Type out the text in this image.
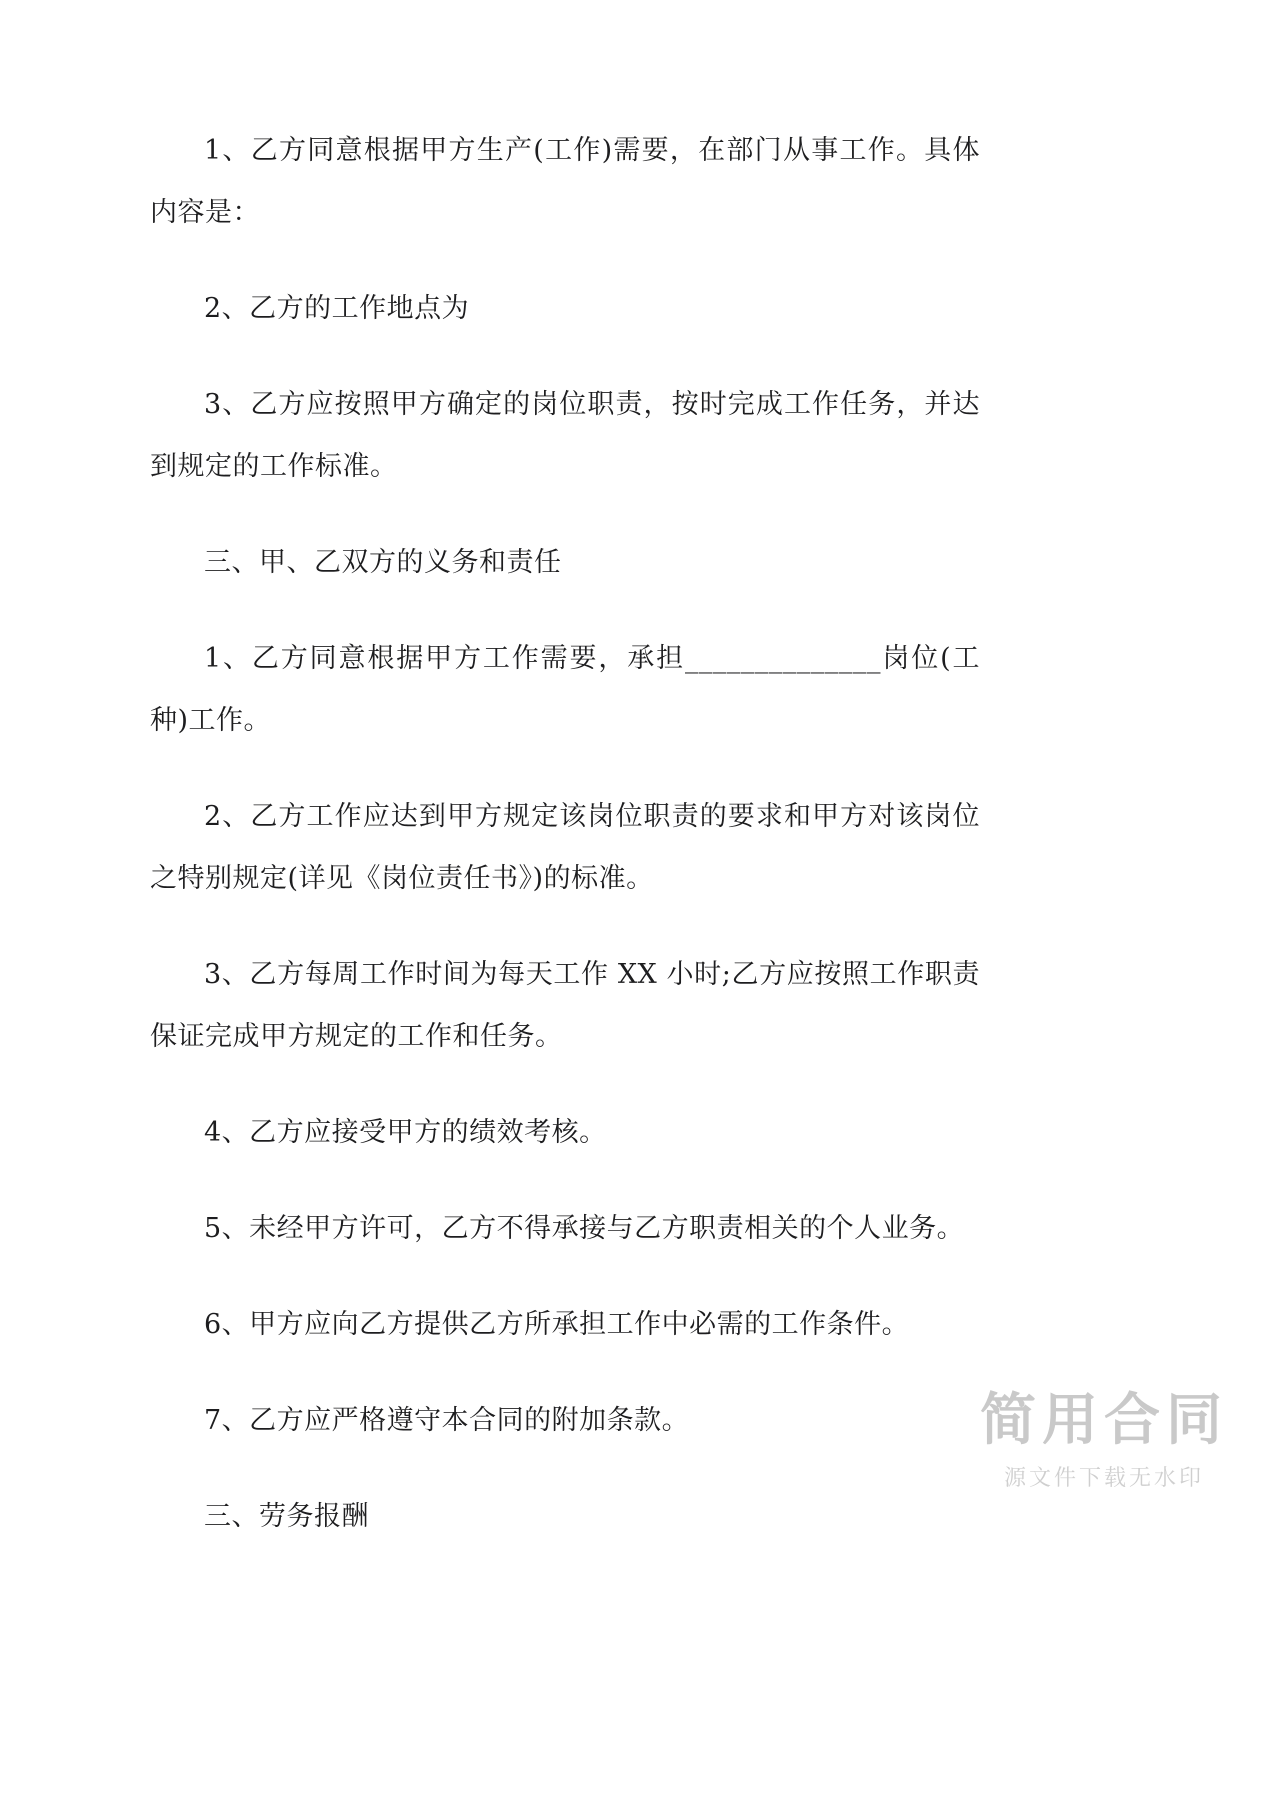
1、乙方同意根据甲方生产(工作)需要，在部门从事工作。具体内容是：

2、乙方的工作地点为

3、乙方应按照甲方确定的岗位职责，按时完成工作任务，并达到规定的工作标准。

三、甲、乙双方的义务和责任

1、乙方同意根据甲方工作需要，承担______________岗位(工种)工作。

2、乙方工作应达到甲方规定该岗位职责的要求和甲方对该岗位之特别规定(详见《岗位责任书》)的标准。

3、乙方每周工作时间为每天工作 XX 小时;乙方应按照工作职责保证完成甲方规定的工作和任务。

4、乙方应接受甲方的绩效考核。

5、未经甲方许可，乙方不得承接与乙方职责相关的个人业务。

6、甲方应向乙方提供乙方所承担工作中必需的工作条件。

7、乙方应严格遵守本合同的附加条款。

三、劳务报酬

简用合同
源文件下载无水印
